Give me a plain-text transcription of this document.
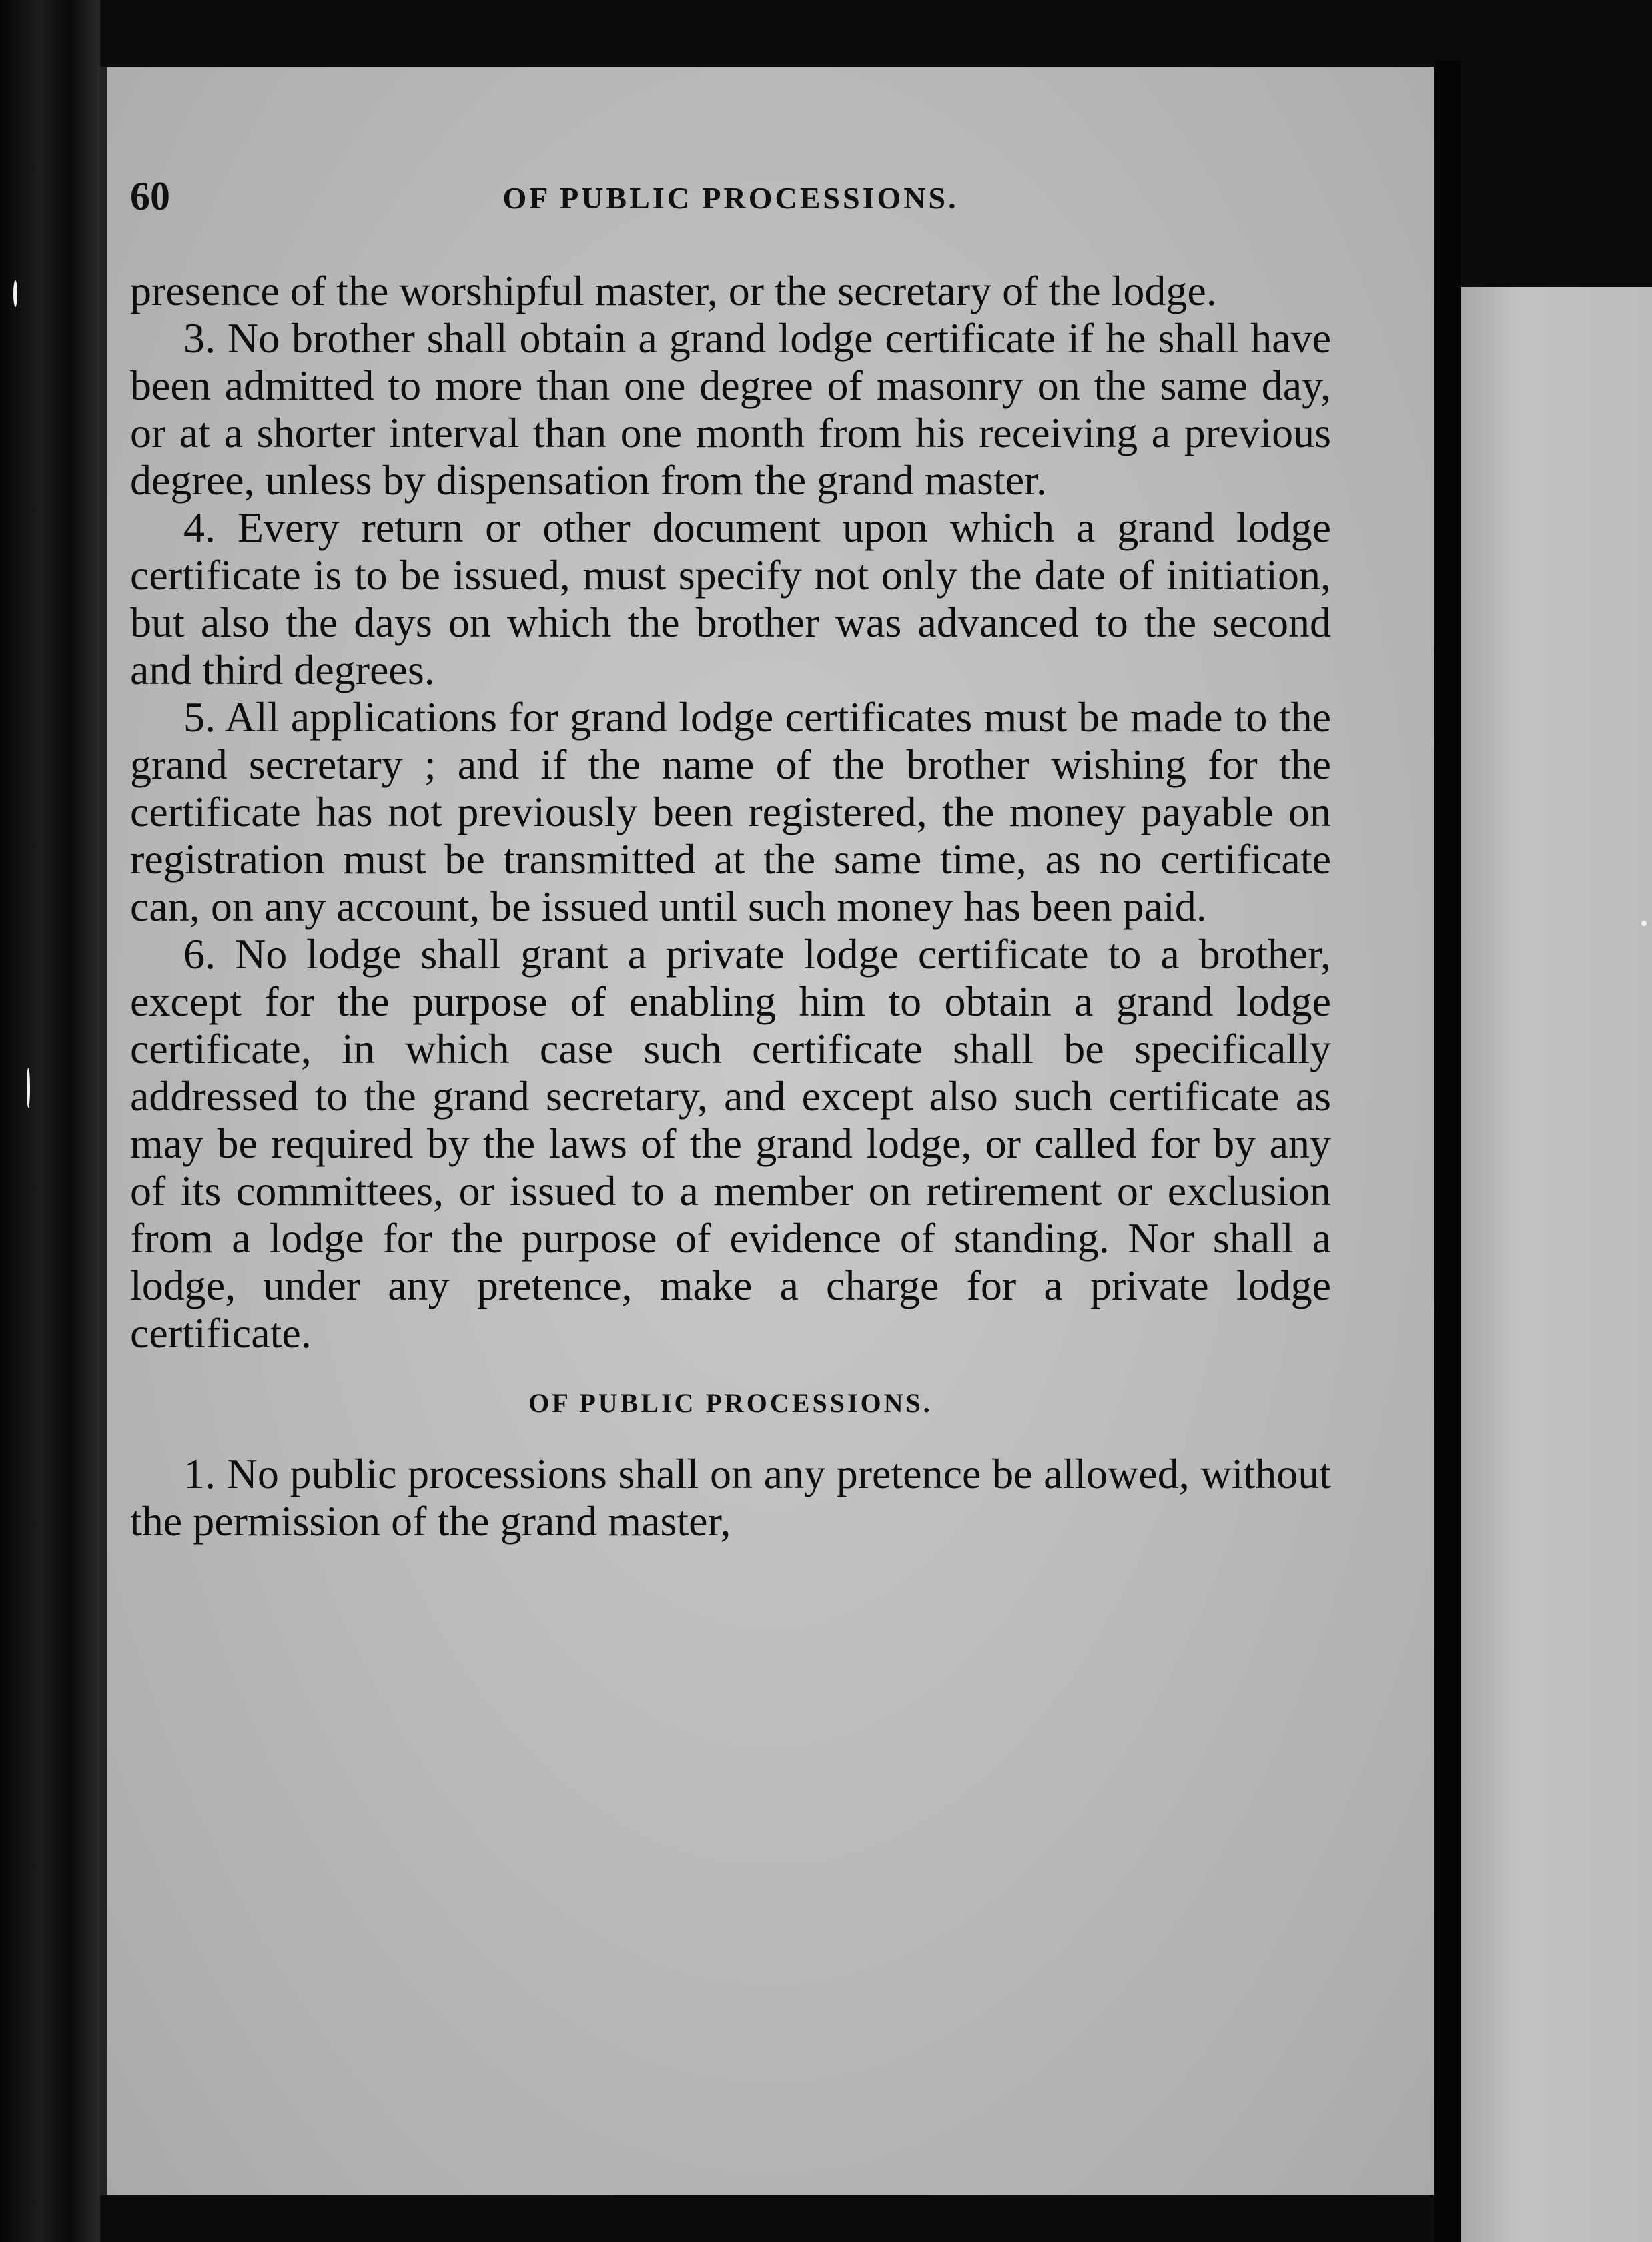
60	OF PUBLIC PROCESSIONS.

presence of the worshipful master, or the secretary of the lodge.

3. No brother shall obtain a grand lodge certificate if he shall have been admitted to more than one degree of masonry on the same day, or at a shorter interval than one month from his receiving a previous degree, unless by dispensation from the grand master.

4. Every return or other document upon which a grand lodge certificate is to be issued, must specify not only the date of initiation, but also the days on which the brother was advanced to the second and third degrees.

5. All applications for grand lodge certificates must be made to the grand secretary ; and if the name of the brother wishing for the certificate has not previously been registered, the money payable on registration must be transmitted at the same time, as no certificate can, on any account, be issued until such money has been paid.

6. No lodge shall grant a private lodge certificate to a brother, except for the purpose of enabling him to obtain a grand lodge certificate, in which case such certificate shall be specifically addressed to the grand secretary, and except also such certificate as may be required by the laws of the grand lodge, or called for by any of its committees, or issued to a member on retirement or exclusion from a lodge for the purpose of evidence of standing. Nor shall a lodge, under any pretence, make a charge for a private lodge certificate.

OF PUBLIC PROCESSIONS.

1. No public processions shall on any pretence be allowed, without the permission of the grand master,
